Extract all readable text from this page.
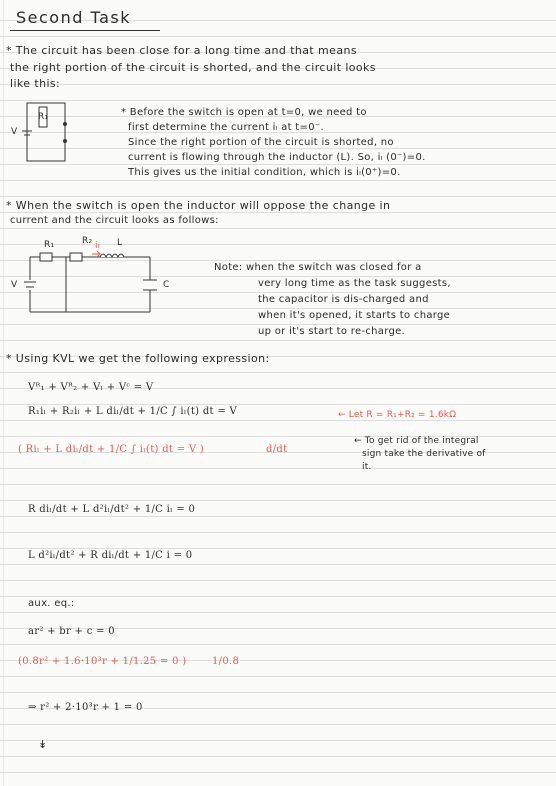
Second Task
* The circuit has been close for a long time and that means
the right portion of the circuit is shorted, and the circuit looks
like this:
R₁
V
* Before the switch is open at t=0, we need to
first determine the current iₗ at t=0⁻.
Since the right portion of the circuit is shorted, no
current is flowing through the inductor (L). So, iₗ (0⁻)=0.
This gives us the initial condition, which is iₗ(0⁺)=0.
* When the switch is open the inductor will oppose the change in
current and the circuit looks as follows:
R₁	R₂ iₗ L
V	C
Note: when the switch was closed for a
very long time as the task suggests,
the capacitor is dis-charged and
when it's opened, it starts to charge
up or it's start to re-charge.
* Using KVL we get the following expression:
Vᴿ₁ + Vᴿ₂ + Vₗ + Vᶜ = V
R₁iₗ + R₂iₗ + L diₗ/dt + 1/C ∫ iₗ(t) dt = V	← Let R = R₁+R₂ = 1.6kΩ
( Riₗ + L diₗ/dt + 1/C ∫ iₗ(t) dt = V )	d/dt
← To get rid of the integral
sign take the derivative of
it.
R diₗ/dt + L d²iₗ/dt² + 1/C iₗ = 0
L d²iₗ/dt² + R diₗ/dt + 1/C i = 0
aux. eq.:
ar² + br + c = 0
(0.8r² + 1.6·10³r + 1/1.25 = 0 )	1/0.8
⇒ r² + 2·10³r + 1 = 0
↡
